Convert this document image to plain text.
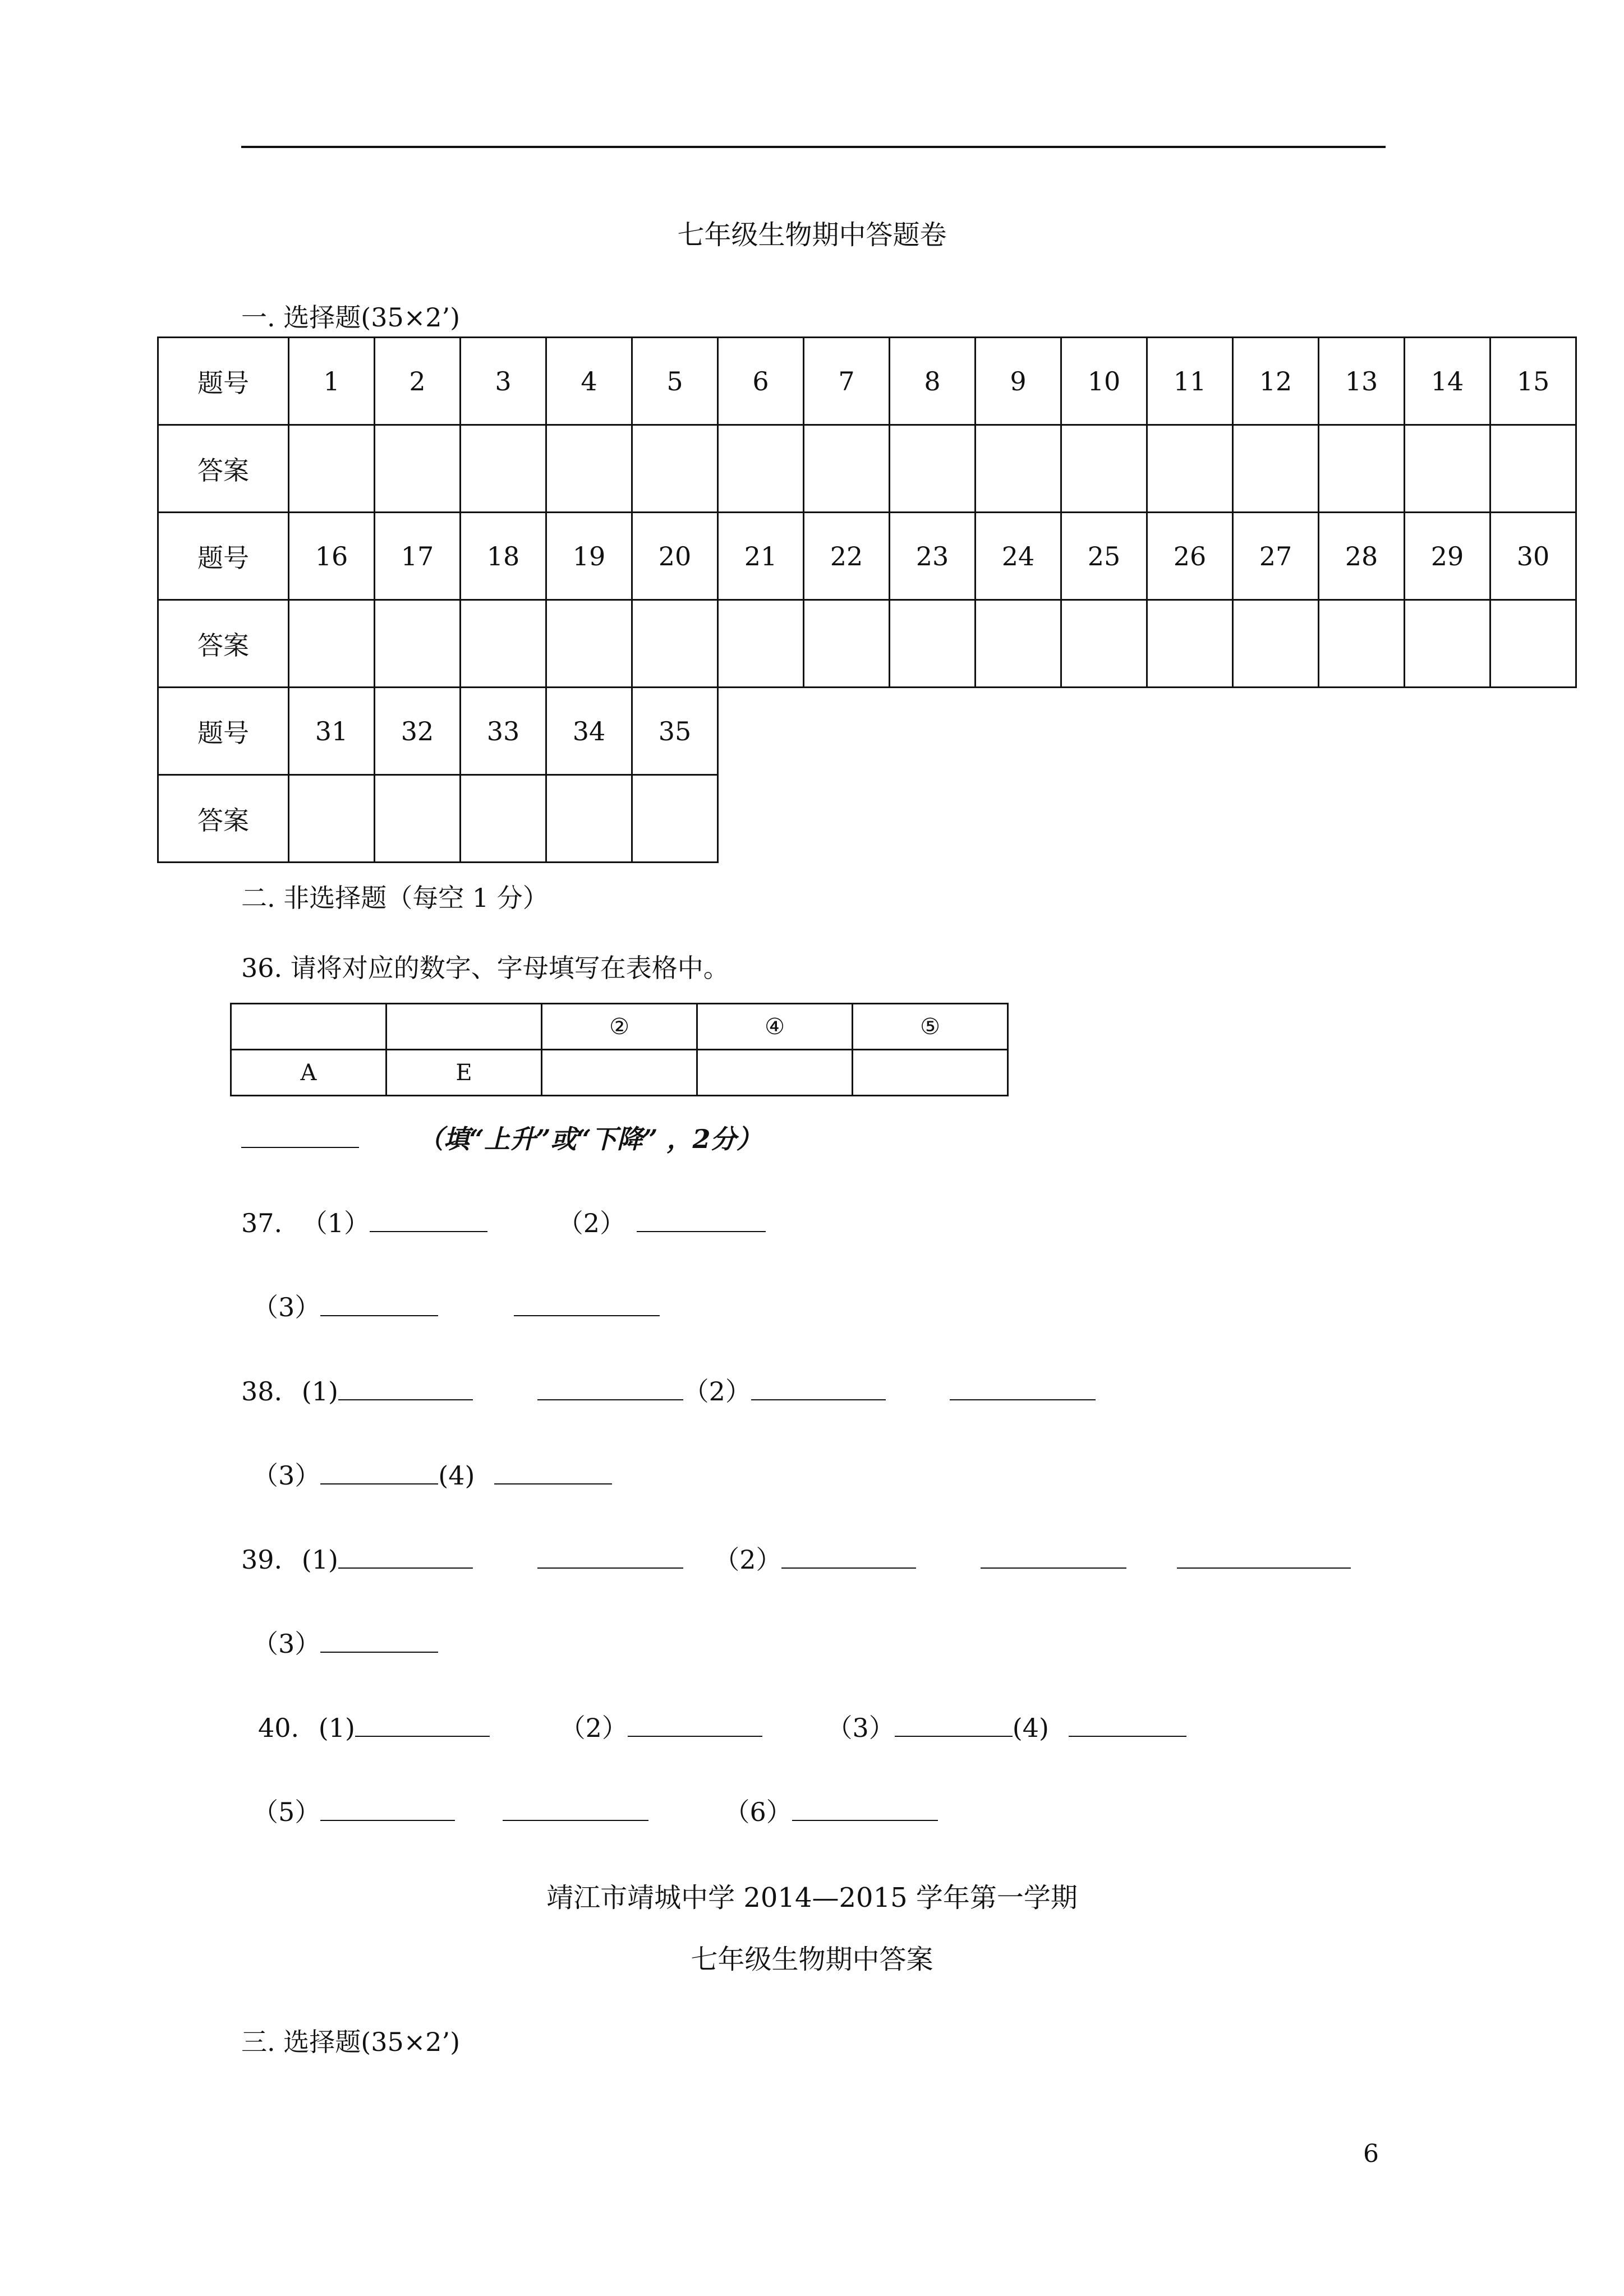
七年级生物期中答题卷
一. 选择题(35×2’)
题号	1	2	3	4	5	6	7	8	9	10	11	12	13	14	15
答案															
题号	16	17	18	19	20	21	22	23	24	25	26	27	28	29	30
答案															
题号	31	32	33	34	35										
答案															
二. 非选择题（每空 1 分）
36. 请将对应的数字、字母填写在表格中。
		②	④	⑤
A	E			
（填“上升”或“下降” ，2分）
37. （1）	（2）
（3）
38. (1)	（2）
（3）	(4)
39. (1)	（2）
（3）
40. (1)	（2）	（3）	(4)
（5）	（6）
靖江市靖城中学 2014—2015 学年第一学期
七年级生物期中答案
三. 选择题(35×2’)
6
